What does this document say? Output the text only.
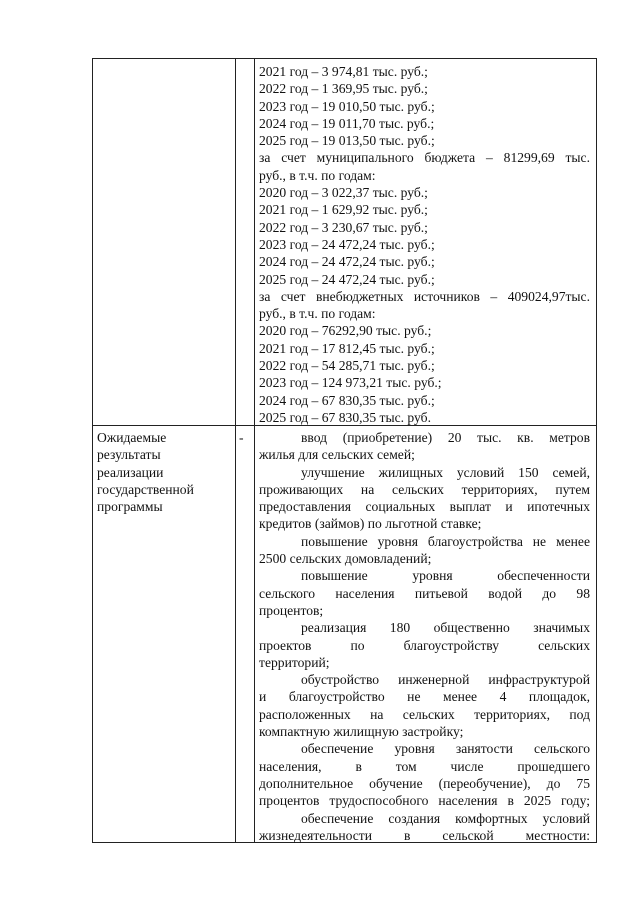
2021 год – 3 974,81 тыс. руб.;
2022 год – 1 369,95 тыс. руб.;
2023 год – 19 010,50 тыс. руб.;
2024 год – 19 011,70 тыс. руб.;
2025 год – 19 013,50 тыс. руб.;
за счет муниципального бюджета – 81299,69 тыс.
руб., в т.ч. по годам:
2020 год – 3 022,37 тыс. руб.;
2021 год – 1 629,92 тыс. руб.;
2022 год – 3 230,67 тыс. руб.;
2023 год – 24 472,24 тыс. руб.;
2024 год – 24 472,24 тыс. руб.;
2025 год – 24 472,24 тыс. руб.;
за счет внебюджетных источников – 409024,97тыс.
руб., в т.ч. по годам:
2020 год – 76292,90 тыс. руб.;
2021 год – 17 812,45 тыс. руб.;
2022 год – 54 285,71 тыс. руб.;
2023 год – 124 973,21 тыс. руб.;
2024 год – 67 830,35 тыс. руб.;
2025 год – 67 830,35 тыс. руб.
Ожидаемые
результаты
реализации
государственной
программы
-	ввод (приобретение) 20 тыс. кв. метров
жилья для сельских семей;
улучшение жилищных условий 150 семей,
проживающих на сельских территориях, путем
предоставления социальных выплат и ипотечных
кредитов (займов) по льготной ставке;
повышение уровня благоустройства не менее
2500 сельских домовладений;
повышение уровня обеспеченности
сельского населения питьевой водой до 98
процентов;
реализация 180 общественно значимых
проектов по благоустройству сельских
территорий;
обустройство инженерной инфраструктурой
и благоустройство не менее 4 площадок,
расположенных на сельских территориях, под
компактную жилищную застройку;
обеспечение уровня занятости сельского
населения, в том числе прошедшего
дополнительное обучение (переобучение), до 75
процентов трудоспособного населения в 2025 году;
обеспечение создания комфортных условий
жизнедеятельности в сельской местности:
